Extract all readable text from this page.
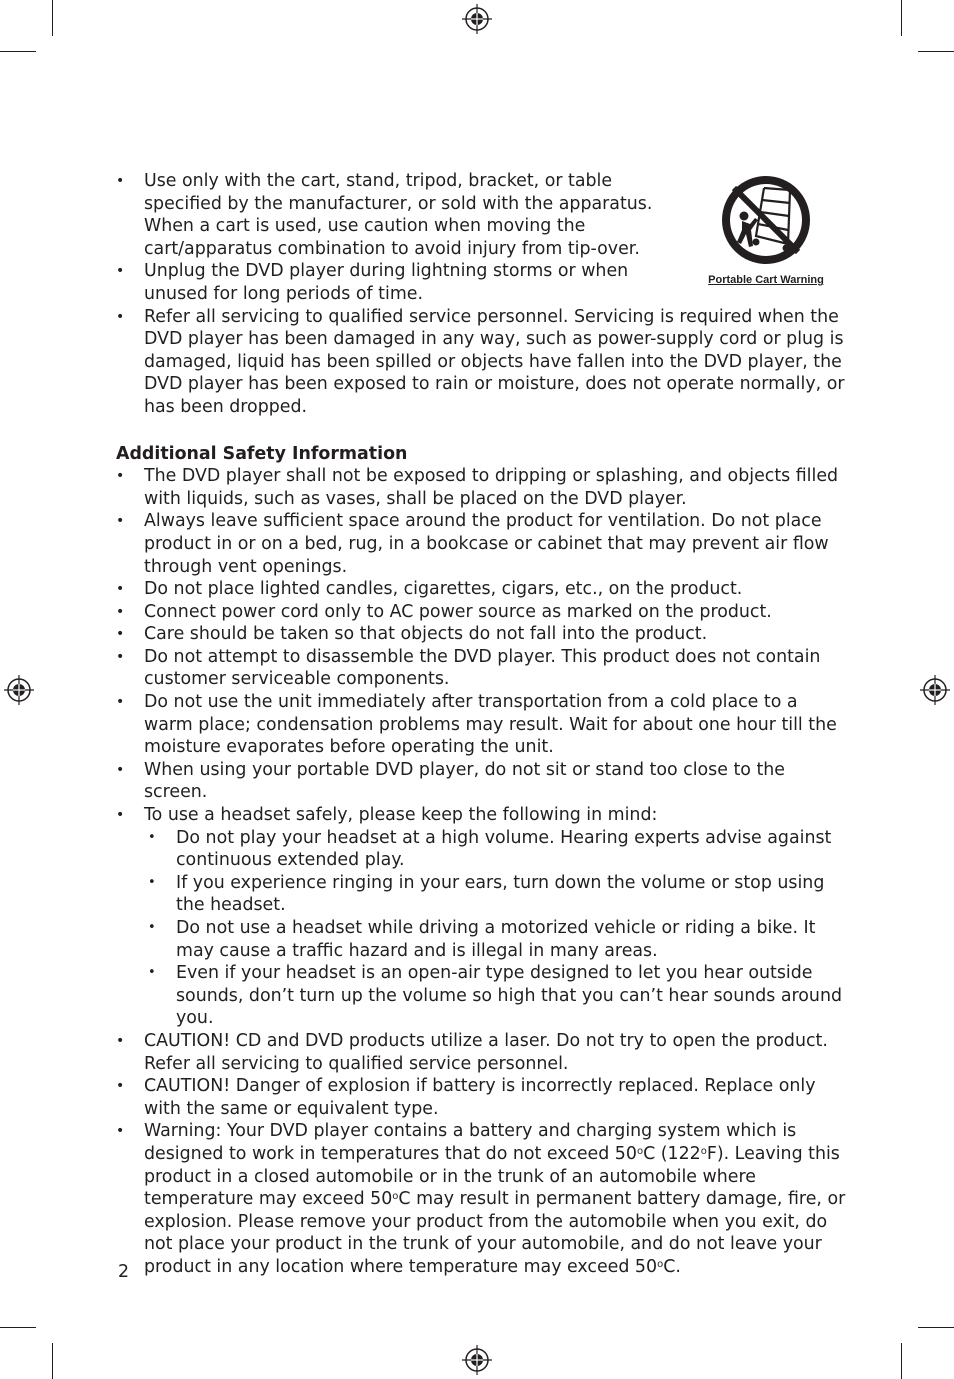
Portable Cart Warning
• Use only with the cart, stand, tripod, bracket, or table specified by the manufacturer, or sold with the apparatus. When a cart is used, use caution when moving the cart/apparatus combination to avoid injury from tip-over.
• Unplug the DVD player during lightning storms or when unused for long periods of time.
• Refer all servicing to qualified service personnel. Servicing is required when the DVD player has been damaged in any way, such as power-supply cord or plug is damaged, liquid has been spilled or objects have fallen into the DVD player, the DVD player has been exposed to rain or moisture, does not operate normally, or has been dropped.
Additional Safety Information
• The DVD player shall not be exposed to dripping or splashing, and objects filled with liquids, such as vases, shall be placed on the DVD player.
• Always leave sufficient space around the product for ventilation. Do not place product in or on a bed, rug, in a bookcase or cabinet that may prevent air flow through vent openings.
• Do not place lighted candles, cigarettes, cigars, etc., on the product.
• Connect power cord only to AC power source as marked on the product.
• Care should be taken so that objects do not fall into the product.
• Do not attempt to disassemble the DVD player. This product does not contain customer serviceable components.
• Do not use the unit immediately after transportation from a cold place to a warm place; condensation problems may result. Wait for about one hour till the moisture evaporates before operating the unit.
• When using your portable DVD player, do not sit or stand too close to the screen.
• To use a headset safely, please keep the following in mind:
• Do not play your headset at a high volume. Hearing experts advise against continuous extended play.
• If you experience ringing in your ears, turn down the volume or stop using the headset.
• Do not use a headset while driving a motorized vehicle or riding a bike. It may cause a traffic hazard and is illegal in many areas.
• Even if your headset is an open-air type designed to let you hear outside sounds, don’t turn up the volume so high that you can’t hear sounds around you.
• CAUTION! CD and DVD products utilize a laser. Do not try to open the product. Refer all servicing to qualified service personnel.
• CAUTION! Danger of explosion if battery is incorrectly replaced. Replace only with the same or equivalent type.
• Warning: Your DVD player contains a battery and charging system which is designed to work in temperatures that do not exceed 50$^o$C (122$^o$F). Leaving this product in a closed automobile or in the trunk of an automobile where temperature may exceed 50$^o$C may result in permanent battery damage, fire, or explosion. Please remove your product from the automobile when you exit, do not place your product in the trunk of your automobile, and do not leave your product in any location where temperature may exceed 50$^o$C.
2
